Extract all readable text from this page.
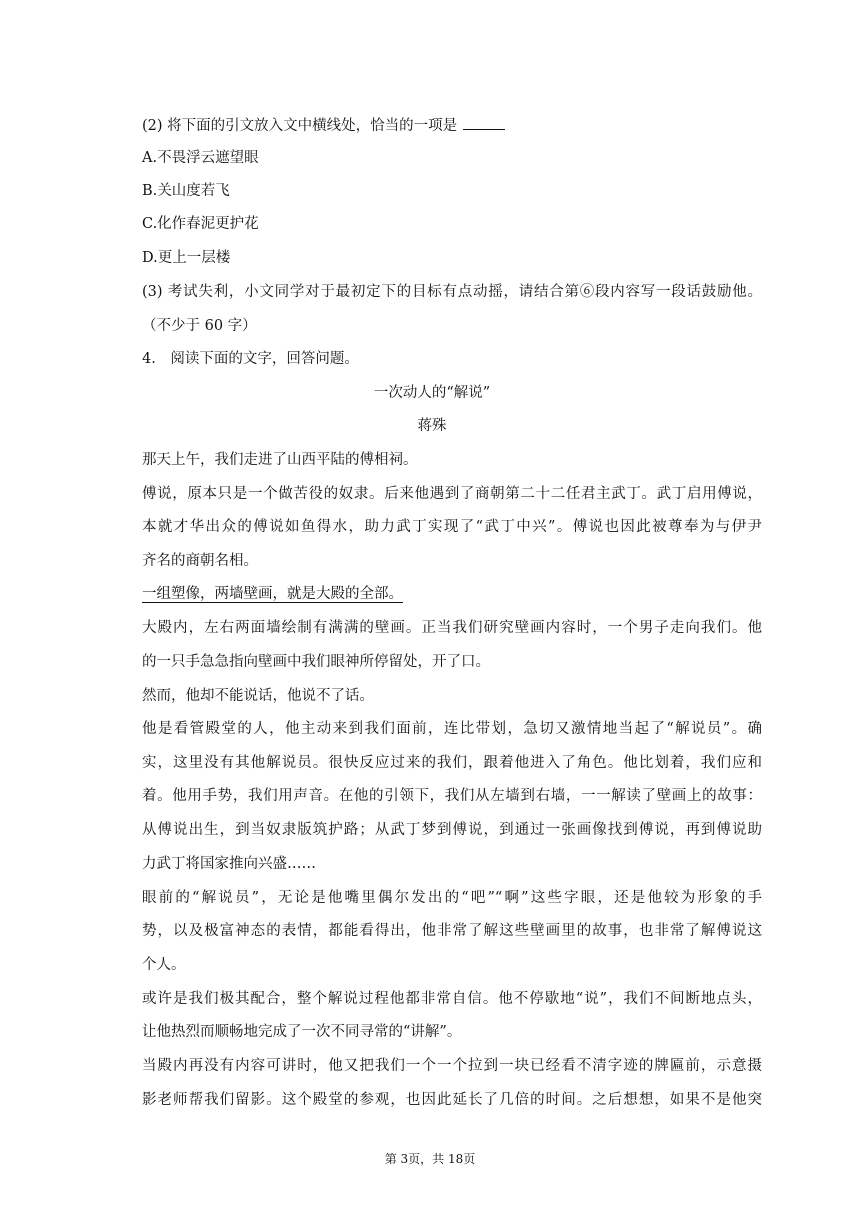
(2) 将下面的引文放入文中横线处，恰当的一项是
A.不畏浮云遮望眼
B.关山度若飞
C.化作春泥更护花
D.更上一层楼
(3) 考试失利，小文同学对于最初定下的目标有点动摇，请结合第⑥段内容写一段话鼓励他。
（不少于 60 字）
4.　阅读下面的文字，回答问题。
一次动人的“解说”
蒋殊
那天上午，我们走进了山西平陆的傅相祠。
傅说，原本只是一个做苦役的奴隶。后来他遇到了商朝第二十二任君主武丁。武丁启用傅说，
本就才华出众的傅说如鱼得水，助力武丁实现了“武丁中兴”。傅说也因此被尊奉为与伊尹
齐名的商朝名相。
一组塑像，两墙壁画，就是大殿的全部。
大殿内，左右两面墙绘制有满满的壁画。正当我们研究壁画内容时，一个男子走向我们。他
的一只手急急指向壁画中我们眼神所停留处，开了口。
然而，他却不能说话，他说不了话。
他是看管殿堂的人，他主动来到我们面前，连比带划，急切又激情地当起了“解说员”。确
实，这里没有其他解说员。很快反应过来的我们，跟着他进入了角色。他比划着，我们应和
着。他用手势，我们用声音。在他的引领下，我们从左墙到右墙，一一解读了壁画上的故事：
从傅说出生，到当奴隶版筑护路；从武丁梦到傅说，到通过一张画像找到傅说，再到傅说助
力武丁将国家推向兴盛……
眼前的“解说员”，无论是他嘴里偶尔发出的“吧”“啊”这些字眼，还是他较为形象的手
势，以及极富神态的表情，都能看得出，他非常了解这些壁画里的故事，也非常了解傅说这
个人。
或许是我们极其配合，整个解说过程他都非常自信。他不停歇地“说”，我们不间断地点头，
让他热烈而顺畅地完成了一次不同寻常的“讲解”。
当殿内再没有内容可讲时，他又把我们一个一个拉到一块已经看不清字迹的牌匾前，示意摄
影老师帮我们留影。这个殿堂的参观，也因此延长了几倍的时间。之后想想，如果不是他突
第 3页，共 18页
